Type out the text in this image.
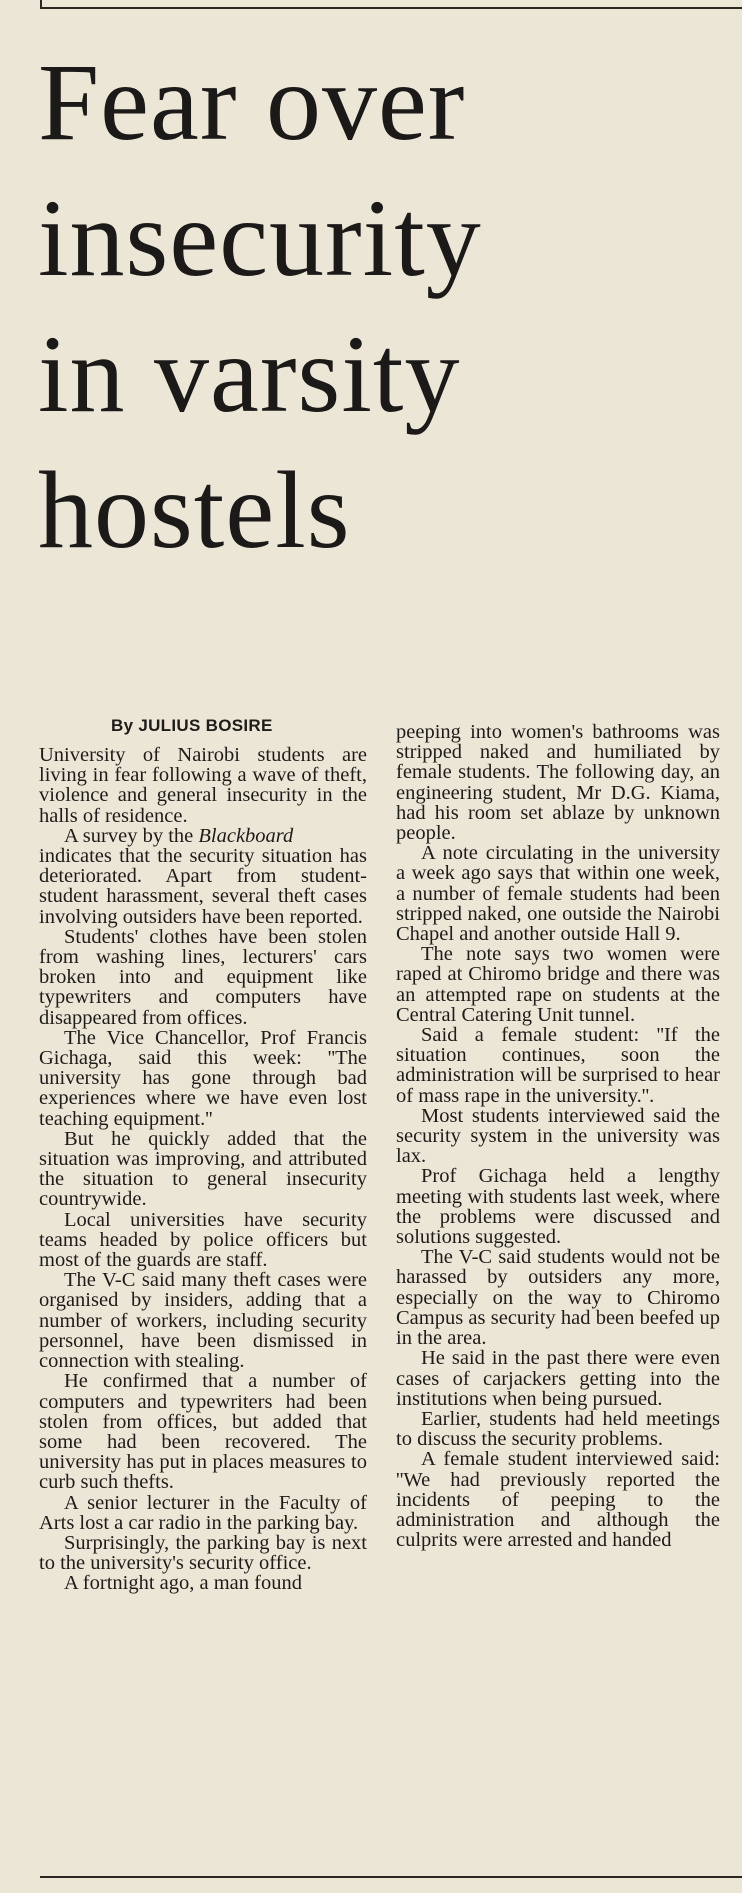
Fear over
insecurity
in varsity
hostels
By JULIUS BOSIRE

University of Nairobi students are living in fear following a wave of theft, violence and general insecurity in the halls of residence.

A survey by the Blackboard

indicates that the security situation has deteriorated. Apart from student-student harassment, several theft cases involving outsiders have been reported.

Students' clothes have been stolen from washing lines, lecturers' cars broken into and equipment like typewriters and computers have disappeared from offices.

The Vice Chancellor, Prof Francis Gichaga, said this week: ''The university has gone through bad experiences where we have even lost teaching equipment.''

But he quickly added that the situation was improving, and attributed the situation to general insecurity countrywide.

Local universities have security teams headed by police officers but most of the guards are staff.

The V-C said many theft cases were organised by insiders, adding that a number of workers, including security personnel, have been dismissed in connection with stealing.

He confirmed that a number of computers and typewriters had been stolen from offices, but added that some had been recovered. The university has put in places measures to curb such thefts.

A senior lecturer in the Faculty of Arts lost a car radio in the parking bay.

Surprisingly, the parking bay is next to the university's security office.

A fortnight ago, a man found

peeping into women's bathrooms was stripped naked and humiliated by female students. The following day, an engineering student, Mr D.G. Kiama, had his room set ablaze by unknown people.

A note circulating in the university a week ago says that within one week, a number of female students had been stripped naked, one outside the Nairobi Chapel and another outside Hall 9.

The note says two women were raped at Chiromo bridge and there was an attempted rape on students at the Central Catering Unit tunnel.

Said a female student: ''If the situation continues, soon the administration will be surprised to hear of mass rape in the university.''.

Most students interviewed said the security system in the university was lax.

Prof Gichaga held a lengthy meeting with students last week, where the problems were discussed and solutions suggested.

The V-C said students would not be harassed by outsiders any more, especially on the way to Chiromo Campus as security had been beefed up in the area.

He said in the past there were even cases of carjackers getting into the institutions when being pursued.

Earlier, students had held meetings to discuss the security problems.

A female student interviewed said: ''We had previously reported the incidents of peeping to the administration and although the culprits were arrested and handed
